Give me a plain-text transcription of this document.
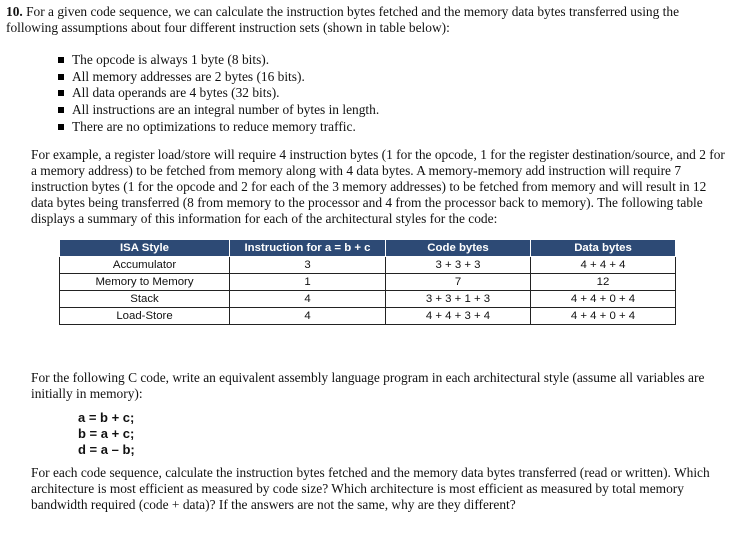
10. For a given code sequence, we can calculate the instruction bytes fetched and the memory data bytes transferred using the following assumptions about four different instruction sets (shown in table below):
The opcode is always 1 byte (8 bits).
All memory addresses are 2 bytes (16 bits).
All data operands are 4 bytes (32 bits).
All instructions are an integral number of bytes in length.
There are no optimizations to reduce memory traffic.
For example, a register load/store will require 4 instruction bytes (1 for the opcode, 1 for the register destination/source, and 2 for a memory address) to be fetched from memory along with 4 data bytes. A memory-memory add instruction will require 7 instruction bytes (1 for the opcode and 2 for each of the 3 memory addresses) to be fetched from memory and will result in 12 data bytes being transferred (8 from memory to the processor and 4 from the processor back to memory). The following table displays a summary of this information for each of the architectural styles for the code:
ISA Style	Instruction for a = b + c	Code bytes	Data bytes
Accumulator	3	3 + 3 + 3	4 + 4 + 4
Memory to Memory	1	7	12
Stack	4	3 + 3 + 1 + 3	4 + 4 + 0 + 4
Load-Store	4	4 + 4 + 3 + 4	4 + 4 + 0 + 4
For the following C code, write an equivalent assembly language program in each architectural style (assume all variables are initially in memory):
a = b + c;
b = a + c;
d = a – b;
For each code sequence, calculate the instruction bytes fetched and the memory data bytes transferred (read or written). Which architecture is most efficient as measured by code size? Which architecture is most efficient as measured by total memory bandwidth required (code + data)? If the answers are not the same, why are they different?
